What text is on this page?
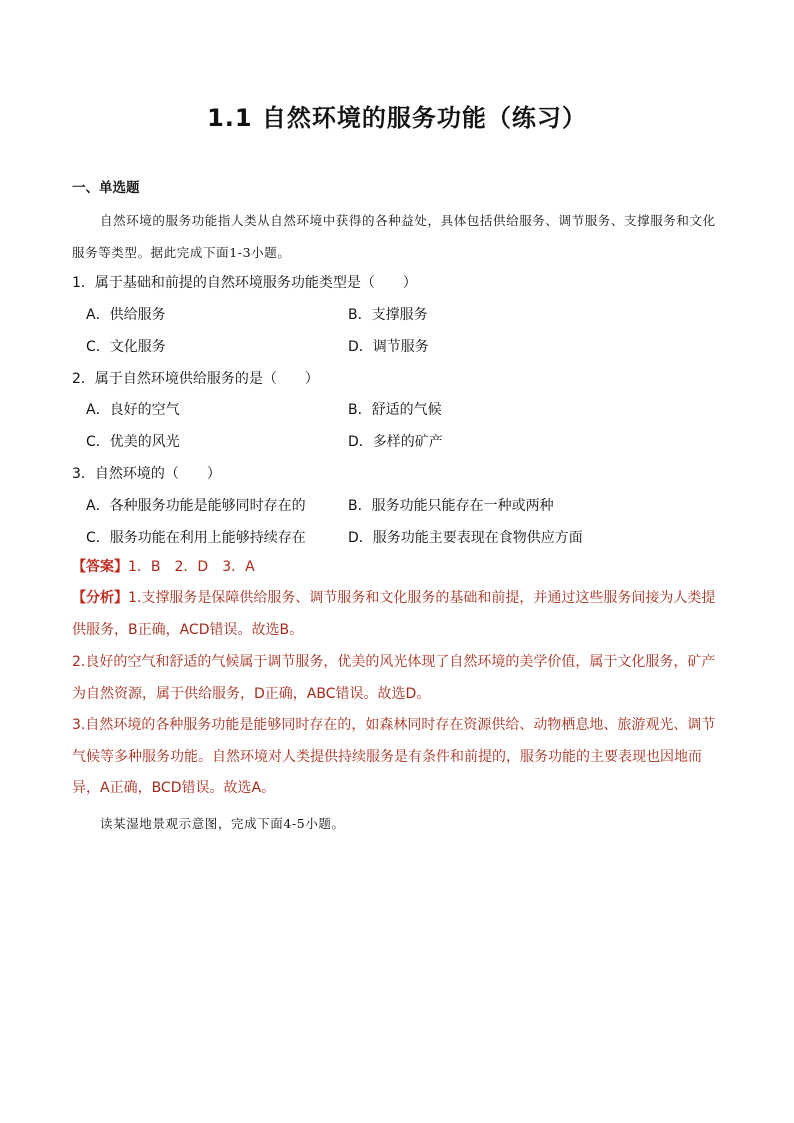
1.1 自然环境的服务功能（练习）
一、单选题
自然环境的服务功能指人类从自然环境中获得的各种益处，具体包括供给服务、调节服务、支撑服务和文化服务等类型。据此完成下面1-3小题。
1．属于基础和前提的自然环境服务功能类型是（　　）
A．供给服务	B．支撑服务
C．文化服务	D．调节服务
2．属于自然环境供给服务的是（　　）
A．良好的空气	B．舒适的气候
C．优美的风光	D．多样的矿产
3．自然环境的（　　）
A．各种服务功能是能够同时存在的	B．服务功能只能存在一种或两种
C．服务功能在利用上能够持续存在	D．服务功能主要表现在食物供应方面
【答案】1．B 2．D 3．A
【分析】1.支撑服务是保障供给服务、调节服务和文化服务的基础和前提，并通过这些服务间接为人类提供服务，B正确，ACD错误。故选B。
2.良好的空气和舒适的气候属于调节服务，优美的风光体现了自然环境的美学价值，属于文化服务，矿产为自然资源，属于供给服务，D正确，ABC错误。故选D。
3.自然环境的各种服务功能是能够同时存在的，如森林同时存在资源供给、动物栖息地、旅游观光、调节气候等多种服务功能。自然环境对人类提供持续服务是有条件和前提的，服务功能的主要表现也因地而异，A正确，BCD错误。故选A。
读某湿地景观示意图，完成下面4-5小题。
